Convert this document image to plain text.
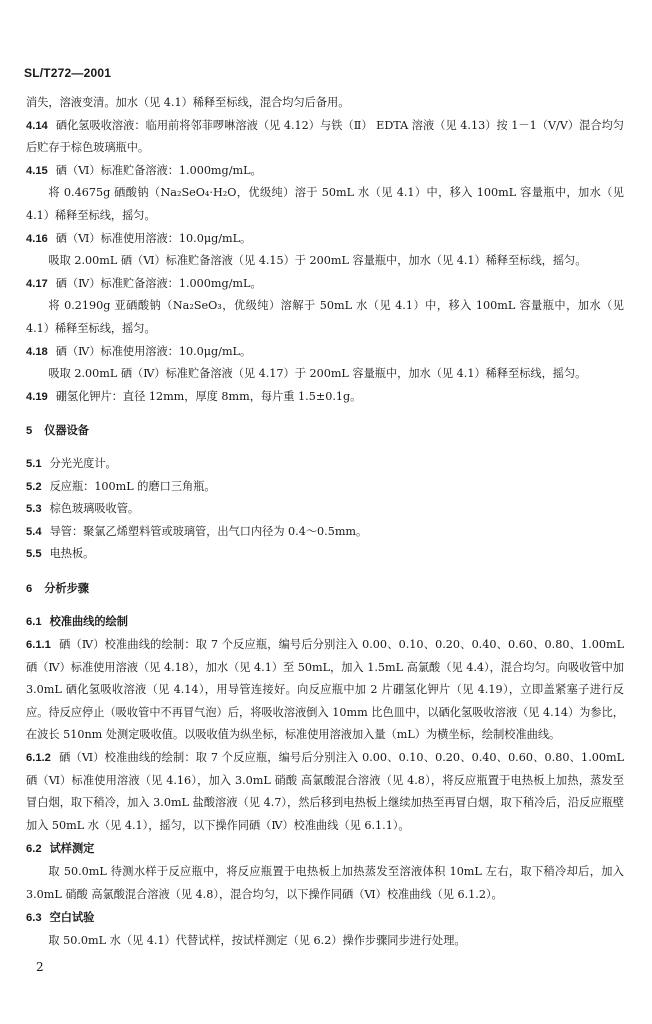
SL/T272—2001

消失，溶液变清。加水（见 4.1）稀释至标线，混合均匀后备用。

4.14 硒化氢吸收溶液：临用前将邻菲啰啉溶液（见 4.12）与铁（Ⅱ） EDTA 溶液（见 4.13）按 1－1（V/V）混合均匀后贮存于棕色玻璃瓶中。

4.15 硒（Ⅵ）标准贮备溶液：1.000mg/mL。

将 0.4675g 硒酸钠（Na₂SeO₄·H₂O，优级纯）溶于 50mL 水（见 4.1）中，移入 100mL 容量瓶中，加水（见 4.1）稀释至标线，摇匀。

4.16 硒（Ⅵ）标准使用溶液：10.0μg/mL。

吸取 2.00mL 硒（Ⅵ）标准贮备溶液（见 4.15）于 200mL 容量瓶中，加水（见 4.1）稀释至标线，摇匀。

4.17 硒（Ⅳ）标准贮备溶液：1.000mg/mL。

将 0.2190g 亚硒酸钠（Na₂SeO₃，优级纯）溶解于 50mL 水（见 4.1）中，移入 100mL 容量瓶中，加水（见 4.1）稀释至标线，摇匀。

4.18 硒（Ⅳ）标准使用溶液：10.0μg/mL。

吸取 2.00mL 硒（Ⅳ）标准贮备溶液（见 4.17）于 200mL 容量瓶中，加水（见 4.1）稀释至标线，摇匀。

4.19 硼氢化钾片：直径 12mm，厚度 8mm，每片重 1.5±0.1g。

5 仪器设备

5.1 分光光度计。

5.2 反应瓶：100mL 的磨口三角瓶。

5.3 棕色玻璃吸收管。

5.4 导管：聚氯乙烯塑料管或玻璃管，出气口内径为 0.4～0.5mm。

5.5 电热板。

6 分析步骤

6.1 校准曲线的绘制

6.1.1 硒（Ⅳ）校准曲线的绘制：取 7 个反应瓶，编号后分别注入 0.00、0.10、0.20、0.40、0.60、0.80、1.00mL 硒（Ⅳ）标准使用溶液（见 4.18），加水（见 4.1）至 50mL，加入 1.5mL 高氯酸（见 4.4），混合均匀。向吸收管中加 3.0mL 硒化氢吸收溶液（见 4.14），用导管连接好。向反应瓶中加 2 片硼氢化钾片（见 4.19），立即盖紧塞子进行反应。待反应停止（吸收管中不再冒气泡）后，将吸收溶液倒入 10mm 比色皿中，以硒化氢吸收溶液（见 4.14）为参比，在波长 510nm 处测定吸收值。以吸收值为纵坐标，标准使用溶液加入量（mL）为横坐标，绘制校准曲线。

6.1.2 硒（Ⅵ）校准曲线的绘制：取 7 个反应瓶，编号后分别注入 0.00、0.10、0.20、0.40、0.60、0.80、1.00mL 硒（Ⅵ）标准使用溶液（见 4.16），加入 3.0mL 硝酸 高氯酸混合溶液（见 4.8），将反应瓶置于电热板上加热，蒸发至冒白烟，取下稍冷，加入 3.0mL 盐酸溶液（见 4.7），然后移到电热板上继续加热至再冒白烟，取下稍冷后，沿反应瓶壁加入 50mL 水（见 4.1），摇匀，以下操作同硒（Ⅳ）校准曲线（见 6.1.1）。

6.2 试样测定

取 50.0mL 待测水样于反应瓶中，将反应瓶置于电热板上加热蒸发至溶液体积 10mL 左右，取下稍冷却后，加入 3.0mL 硝酸 高氯酸混合溶液（见 4.8），混合均匀，以下操作同硒（Ⅵ）校准曲线（见 6.1.2）。

6.3 空白试验

取 50.0mL 水（见 4.1）代替试样，按试样测定（见 6.2）操作步骤同步进行处理。

2
